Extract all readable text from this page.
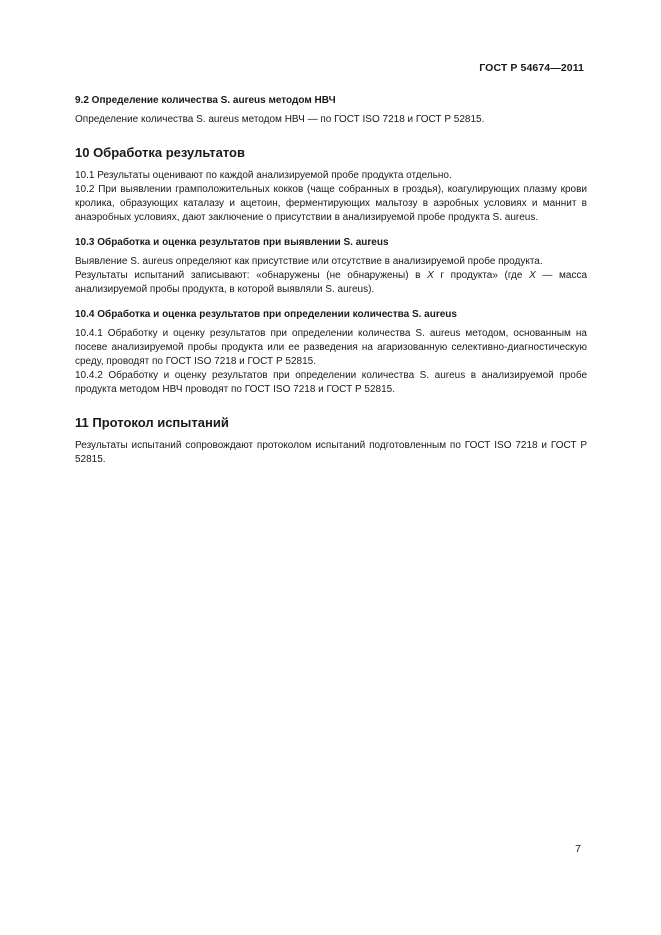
ГОСТ Р 54674—2011
9.2 Определение количества S. aureus методом НВЧ

Определение количества S. aureus методом НВЧ — по ГОСТ ISO 7218 и ГОСТ Р 52815.

10 Обработка результатов

10.1 Результаты оценивают по каждой анализируемой пробе продукта отдельно.

10.2 При выявлении грамположительных кокков (чаще собранных в гроздья), коагулирующих плазму крови кролика, образующих каталазу и ацетоин, ферментирующих мальтозу в аэробных условиях и маннит в анаэробных условиях, дают заключение о присутствии в анализируемой пробе продукта S. aureus.

10.3 Обработка и оценка результатов при выявлении S. aureus

Выявление S. aureus определяют как присутствие или отсутствие в анализируемой пробе продукта.

Результаты испытаний записывают: «обнаружены (не обнаружены) в X г продукта» (где X — масса анализируемой пробы продукта, в которой выявляли S. aureus).

10.4 Обработка и оценка результатов при определении количества S. aureus

10.4.1 Обработку и оценку результатов при определении количества S. aureus методом, основанным на посеве анализируемой пробы продукта или ее разведения на агаризованную селективно-диагностическую среду, проводят по ГОСТ ISO 7218 и ГОСТ Р 52815.

10.4.2 Обработку и оценку результатов при определении количества S. aureus в анализируемой пробе продукта методом НВЧ проводят по ГОСТ ISO 7218 и ГОСТ Р 52815.

11 Протокол испытаний

Результаты испытаний сопровождают протоколом испытаний подготовленным по ГОСТ ISO 7218 и ГОСТ Р 52815.

7
